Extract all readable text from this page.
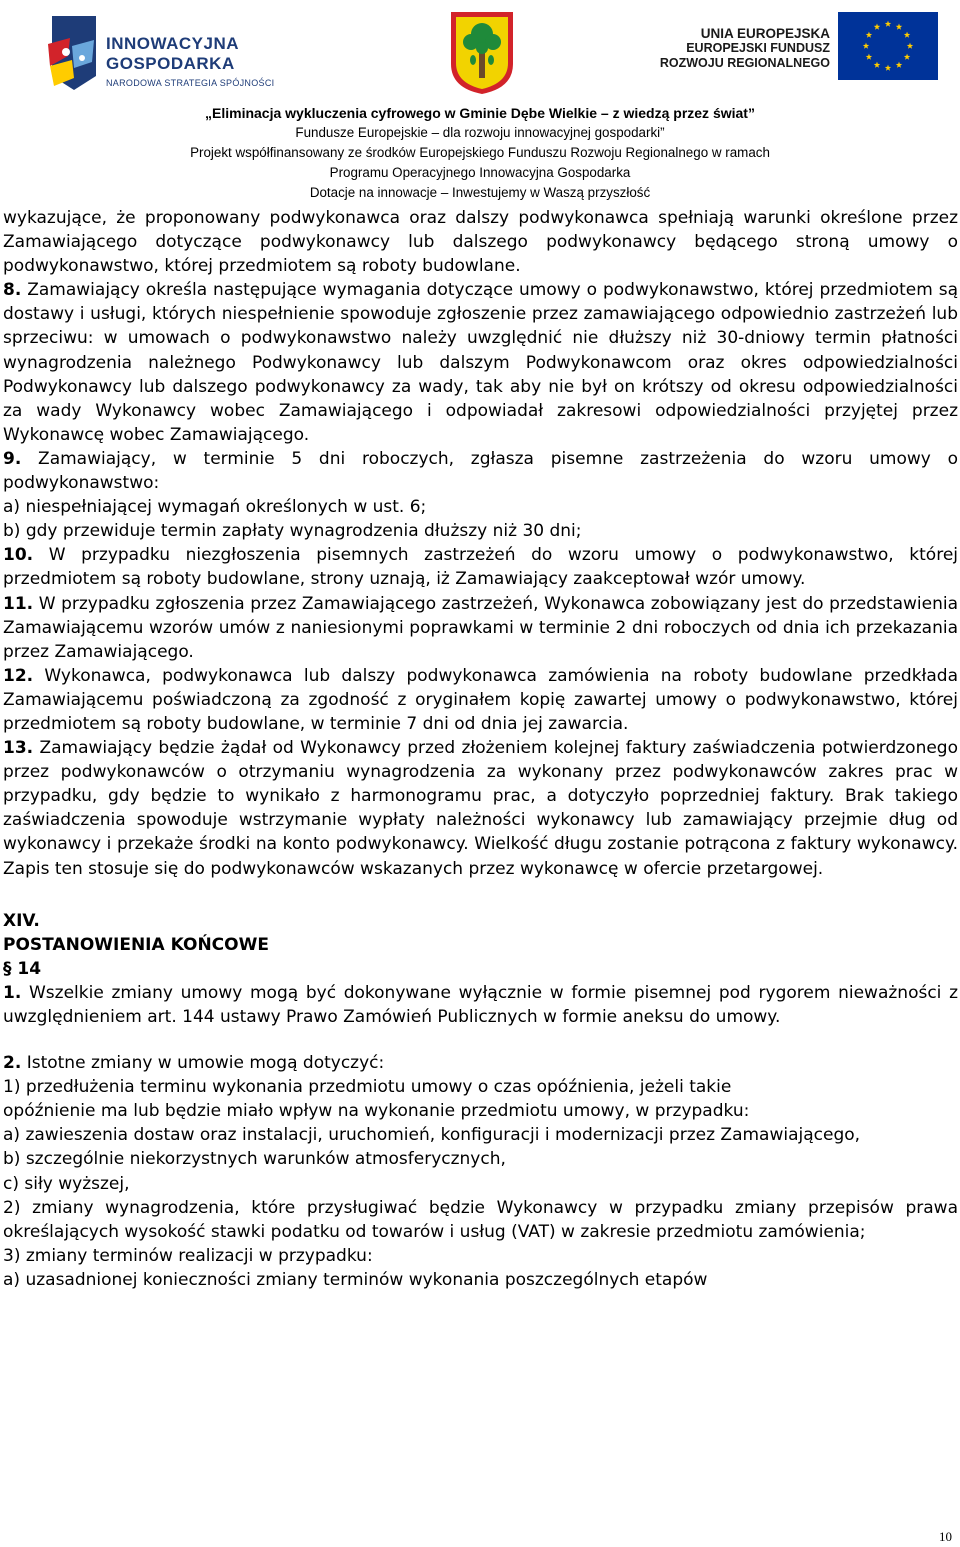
INNOWACYJNA
GOSPODARKA
NARODOWA STRATEGIA SPÓJNOŚCI
UNIA EUROPEJSKA
EUROPEJSKI FUNDUSZ
ROZWOJU REGIONALNEGO
„Eliminacja wykluczenia cyfrowego w Gminie Dębe Wielkie – z wiedzą przez świat”
Fundusze Europejskie – dla rozwoju innowacyjnej gospodarki”
Projekt współfinansowany ze środków Europejskiego Funduszu Rozwoju Regionalnego w ramach
Programu Operacyjnego Innowacyjna Gospodarka
Dotacje na innowacje – Inwestujemy w Waszą przyszłość

wykazujące, że proponowany podwykonawca oraz dalszy podwykonawca spełniają warunki określone przez Zamawiającego dotyczące podwykonawcy lub dalszego podwykonawcy będącego stroną umowy o podwykonawstwo, której przedmiotem są roboty budowlane.

8. Zamawiający określa następujące wymagania dotyczące umowy o podwykonawstwo, której przedmiotem są dostawy i usługi, których niespełnienie spowoduje zgłoszenie przez zamawiającego odpowiednio zastrzeżeń lub sprzeciwu: w umowach o podwykonawstwo należy uwzględnić nie dłuższy niż 30-dniowy termin płatności wynagrodzenia należnego Podwykonawcy lub dalszym Podwykonawcom oraz okres odpowiedzialności Podwykonawcy lub dalszego podwykonawcy za wady, tak aby nie był on krótszy od okresu odpowiedzialności za wady Wykonawcy wobec Zamawiającego i odpowiadał zakresowi odpowiedzialności przyjętej przez Wykonawcę wobec Zamawiającego.

9. Zamawiający, w terminie 5 dni roboczych, zgłasza pisemne zastrzeżenia do wzoru umowy o podwykonawstwo:

a) niespełniającej wymagań określonych w ust. 6;

b) gdy przewiduje termin zapłaty wynagrodzenia dłuższy niż 30 dni;

10. W przypadku niezgłoszenia pisemnych zastrzeżeń do wzoru umowy o podwykonawstwo, której przedmiotem są roboty budowlane, strony uznają, iż Zamawiający zaakceptował wzór umowy.

11. W przypadku zgłoszenia przez Zamawiającego zastrzeżeń, Wykonawca zobowiązany jest do przedstawienia Zamawiającemu wzorów umów z naniesionymi poprawkami w terminie 2 dni roboczych od dnia ich przekazania przez Zamawiającego.

12. Wykonawca, podwykonawca lub dalszy podwykonawca zamówienia na roboty budowlane przedkłada Zamawiającemu poświadczoną za zgodność z oryginałem kopię zawartej umowy o podwykonawstwo, której przedmiotem są roboty budowlane, w terminie 7 dni od dnia jej zawarcia.

13. Zamawiający będzie żądał od Wykonawcy przed złożeniem kolejnej faktury zaświadczenia potwierdzonego przez podwykonawców o otrzymaniu wynagrodzenia za wykonany przez podwykonawców zakres prac w przypadku, gdy będzie to wynikało z harmonogramu prac, a dotyczyło poprzedniej faktury. Brak takiego zaświadczenia spowoduje wstrzymanie wypłaty należności wykonawcy lub zamawiający przejmie dług od wykonawcy i przekaże środki na konto podwykonawcy. Wielkość długu zostanie potrącona z faktury wykonawcy. Zapis ten stosuje się do podwykonawców wskazanych przez wykonawcę w ofercie przetargowej.

XIV.

POSTANOWIENIA KOŃCOWE

§ 14

1. Wszelkie zmiany umowy mogą być dokonywane wyłącznie w formie pisemnej pod rygorem nieważności z uwzględnieniem art. 144 ustawy Prawo Zamówień Publicznych w formie aneksu do umowy.

2. Istotne zmiany w umowie mogą dotyczyć:

1) przedłużenia terminu wykonania przedmiotu umowy o czas opóźnienia, jeżeli takie

opóźnienie ma lub będzie miało wpływ na wykonanie przedmiotu umowy, w przypadku:

a) zawieszenia dostaw oraz instalacji, uruchomień, konfiguracji i modernizacji przez Zamawiającego,

b) szczególnie niekorzystnych warunków atmosferycznych,

c) siły wyższej,

2) zmiany wynagrodzenia, które przysługiwać będzie Wykonawcy w przypadku zmiany przepisów prawa określających wysokość stawki podatku od towarów i usług (VAT) w zakresie przedmiotu zamówienia;

3) zmiany terminów realizacji w przypadku:

a) uzasadnionej konieczności zmiany terminów wykonania poszczególnych etapów

10
